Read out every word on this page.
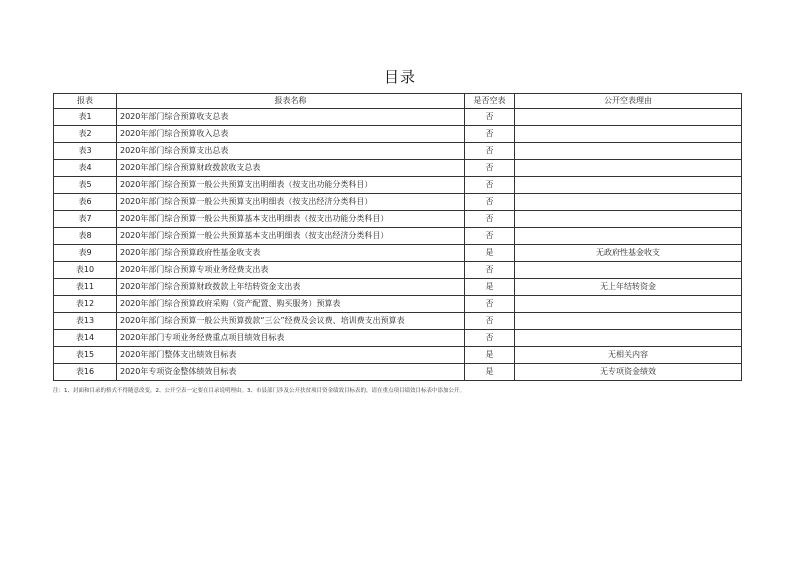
目录
报表	报表名称	是否空表	公开空表理由
表1	2020年部门综合预算收支总表	否	
表2	2020年部门综合预算收入总表	否	
表3	2020年部门综合预算支出总表	否	
表4	2020年部门综合预算财政拨款收支总表	否	
表5	2020年部门综合预算一般公共预算支出明细表（按支出功能分类科目）	否	
表6	2020年部门综合预算一般公共预算支出明细表（按支出经济分类科目）	否	
表7	2020年部门综合预算一般公共预算基本支出明细表（按支出功能分类科目）	否	
表8	2020年部门综合预算一般公共预算基本支出明细表（按支出经济分类科目）	否	
表9	2020年部门综合预算政府性基金收支表	是	无政府性基金收支
表10	2020年部门综合预算专项业务经费支出表	否	
表11	2020年部门综合预算财政拨款上年结转资金支出表	是	无上年结转资金
表12	2020年部门综合预算政府采购（资产配置、购买服务）预算表	否	
表13	2020年部门综合预算一般公共预算拨款“三公”经费及会议费、培训费支出预算表	否	
表14	2020年部门专项业务经费重点项目绩效目标表	否	
表15	2020年部门整体支出绩效目标表	是	无相关内容
表16	2020年专项资金整体绩效目标表	是	无专项资金绩效
注：1、封面和目录的格式不得随意改变。2、公开空表一定要在目录说明理由。3、市县部门涉及公开扶贫项目资金绩效目标表的，请在重点项目绩效目标表中添加公开。
